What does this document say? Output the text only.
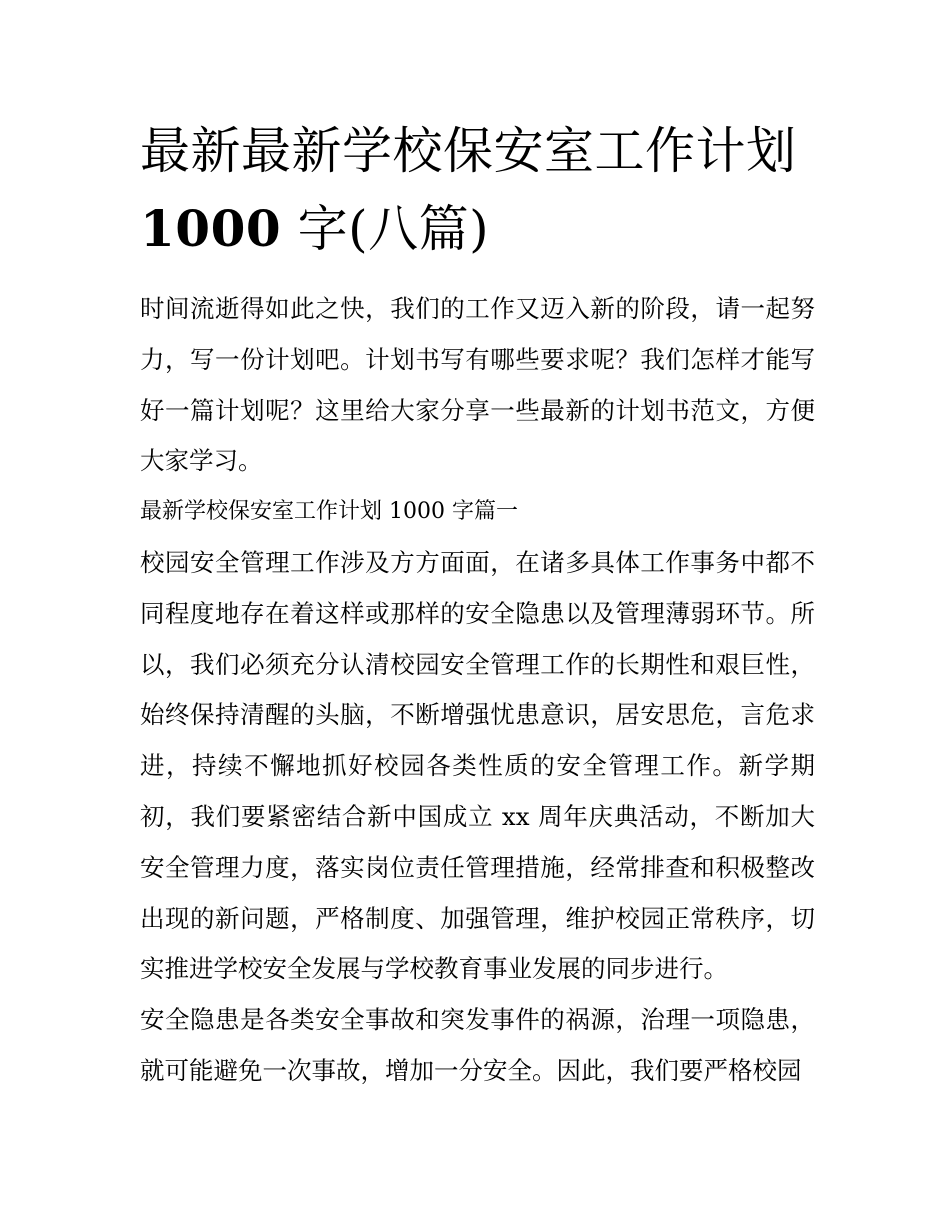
最新最新学校保安室工作计划
1000 字(八篇)

时间流逝得如此之快，我们的工作又迈入新的阶段，请一起努力，写一份计划吧。计划书写有哪些要求呢？我们怎样才能写好一篇计划呢？这里给大家分享一些最新的计划书范文，方便大家学习。

最新学校保安室工作计划 1000 字篇一

校园安全管理工作涉及方方面面，在诸多具体工作事务中都不同程度地存在着这样或那样的安全隐患以及管理薄弱环节。所以，我们必须充分认清校园安全管理工作的长期性和艰巨性，始终保持清醒的头脑，不断增强忧患意识，居安思危，言危求进，持续不懈地抓好校园各类性质的安全管理工作。新学期初，我们要紧密结合新中国成立 xx 周年庆典活动，不断加大安全管理力度，落实岗位责任管理措施，经常排查和积极整改出现的新问题，严格制度、加强管理，维护校园正常秩序，切实推进学校安全发展与学校教育事业发展的同步进行。

安全隐患是各类安全事故和突发事件的祸源，治理一项隐患，就可能避免一次事故，增加一分安全。因此，我们要严格校园
